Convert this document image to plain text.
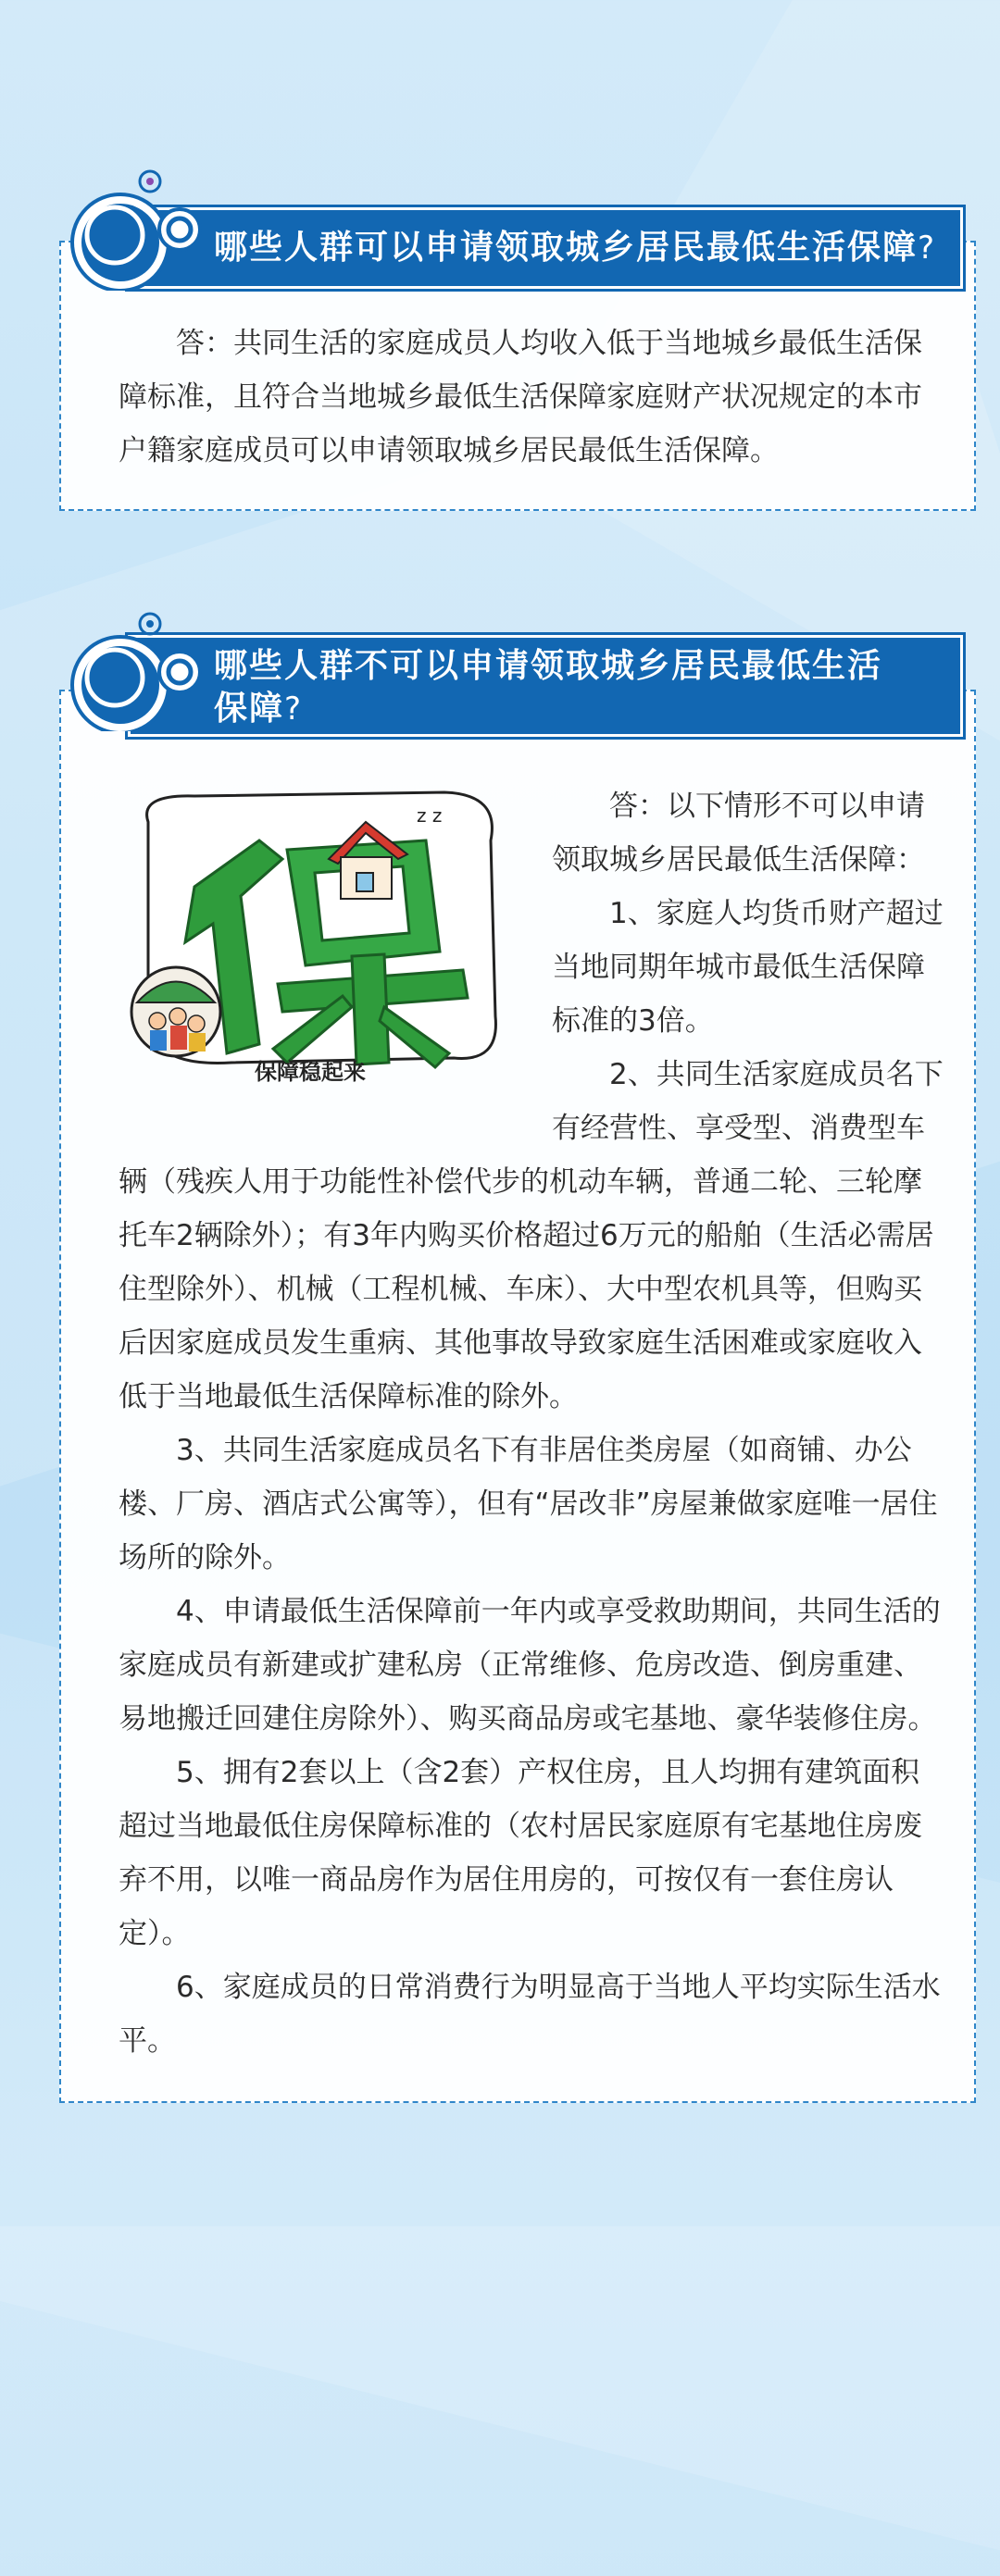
哪些人群可以申请领取城乡居民最低生活保障 ?

答：共同生活的家庭成员人均收入低于当地城乡最低生活保障标准，且符合当地城乡最低生活保障家庭财产状况规定的本市户籍家庭成员可以申请领取城乡居民最低生活保障。

哪些人群不可以申请领取城乡居民最低生活
保障?
z z
保障稳起来

答：以下情形不可以申请领取城乡居民最低生活保障：

1、家庭人均货币财产超过当地同期年城市最低生活保障标准的3倍。

2、共同生活家庭成员名下有经营性、享受型、消费型车

辆（残疾人用于功能性补偿代步的机动车辆，普通二轮、三轮摩托车2辆除外）；有3年内购买价格超过6万元的船舶（生活必需居住型除外）、机械（工程机械、车床）、大中型农机具等，但购买后因家庭成员发生重病、其他事故导致家庭生活困难或家庭收入低于当地最低生活保障标准的除外。

3、共同生活家庭成员名下有非居住类房屋（如商铺、办公楼、厂房、酒店式公寓等），但有“居改非”房屋兼做家庭唯一居住场所的除外。

4、申请最低生活保障前一年内或享受救助期间，共同生活的家庭成员有新建或扩建私房（正常维修、危房改造、倒房重建、易地搬迁回建住房除外）、购买商品房或宅基地、豪华装修住房。

5、拥有2套以上（含2套）产权住房，且人均拥有建筑面积超过当地最低住房保障标准的（农村居民家庭原有宅基地住房废弃不用，以唯一商品房作为居住用房的，可按仅有一套住房认定）。

6、家庭成员的日常消费行为明显高于当地人平均实际生活水平。
